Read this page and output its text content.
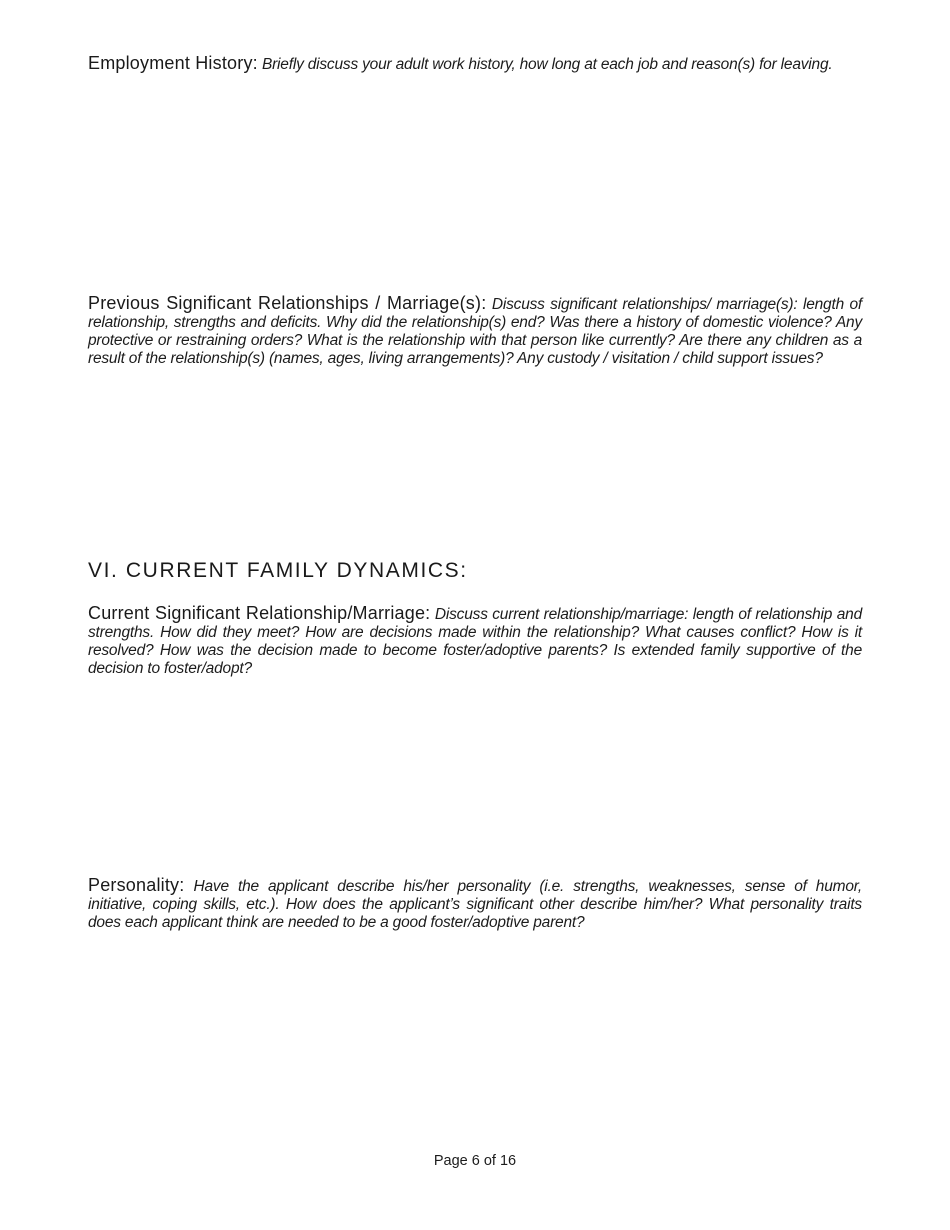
Employment History: Briefly discuss your adult work history, how long at each job and reason(s) for leaving.

Previous Significant Relationships / Marriage(s): Discuss significant relationships/ marriage(s): length of relationship, strengths and deficits. Why did the relationship(s) end? Was there a history of domestic violence? Any protective or restraining orders? What is the relationship with that person like currently? Are there any children as a result of the relationship(s) (names, ages, living arrangements)? Any custody / visitation / child support issues?

VI. CURRENT FAMILY DYNAMICS:

Current Significant Relationship/Marriage: Discuss current relationship/marriage: length of relationship and strengths. How did they meet? How are decisions made within the relationship? What causes conflict? How is it resolved? How was the decision made to become foster/adoptive parents? Is extended family supportive of the decision to foster/adopt?

Personality: Have the applicant describe his/her personality (i.e. strengths, weaknesses, sense of humor, initiative, coping skills, etc.). How does the applicant’s significant other describe him/her? What personality traits does each applicant think are needed to be a good foster/adoptive parent?

Page 6 of 16
